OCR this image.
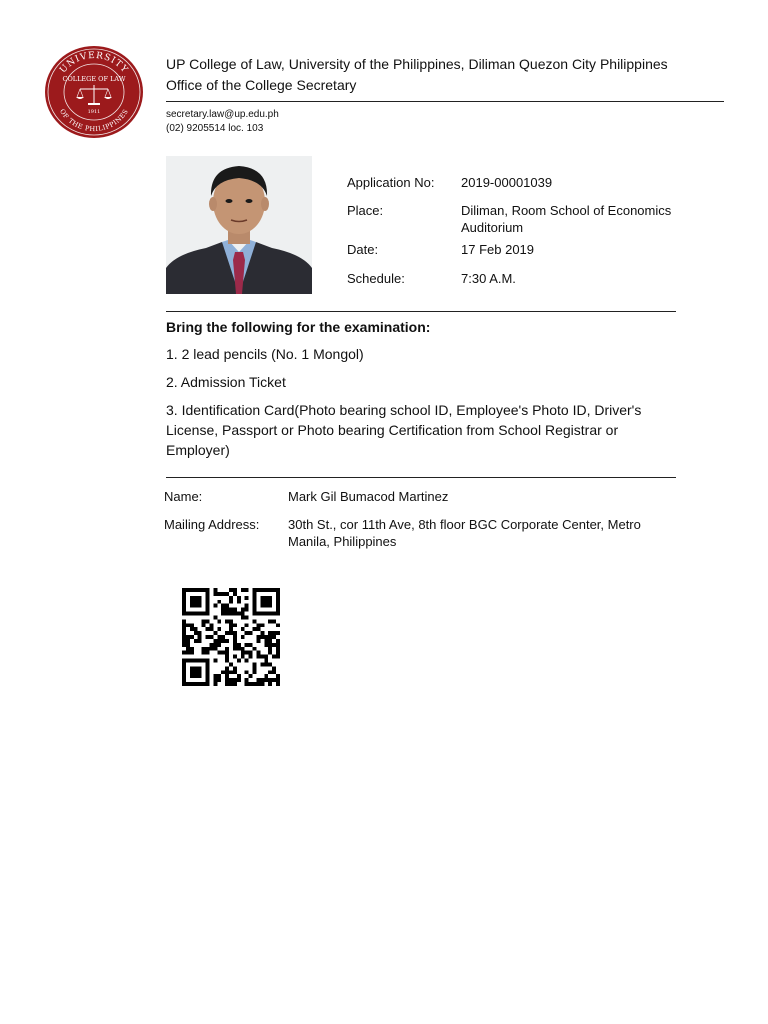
UNIVERSITY
OF THE PHILIPPINES
COLLEGE OF LAW
1911
UP College of Law, University of the Philippines, Diliman Quezon City Philippines
Office of the College Secretary
secretary.law@up.edu.ph
(02) 9205514 loc. 103
Application No: 2019-00001039
Place:	Diliman, Room School of Economics Auditorium
Date:	17 Feb 2019
Schedule:	7:30 A.M.
Bring the following for the examination:
1. 2 lead pencils (No. 1 Mongol)
2. Admission Ticket
3. Identification Card(Photo bearing school ID, Employee's Photo ID, Driver's License, Passport or Photo bearing Certification from School Registrar or Employer)
Name:	Mark Gil Bumacod Martinez
Mailing Address: 30th St., cor 11th Ave, 8th floor BGC Corporate Center, Metro Manila, Philippines
